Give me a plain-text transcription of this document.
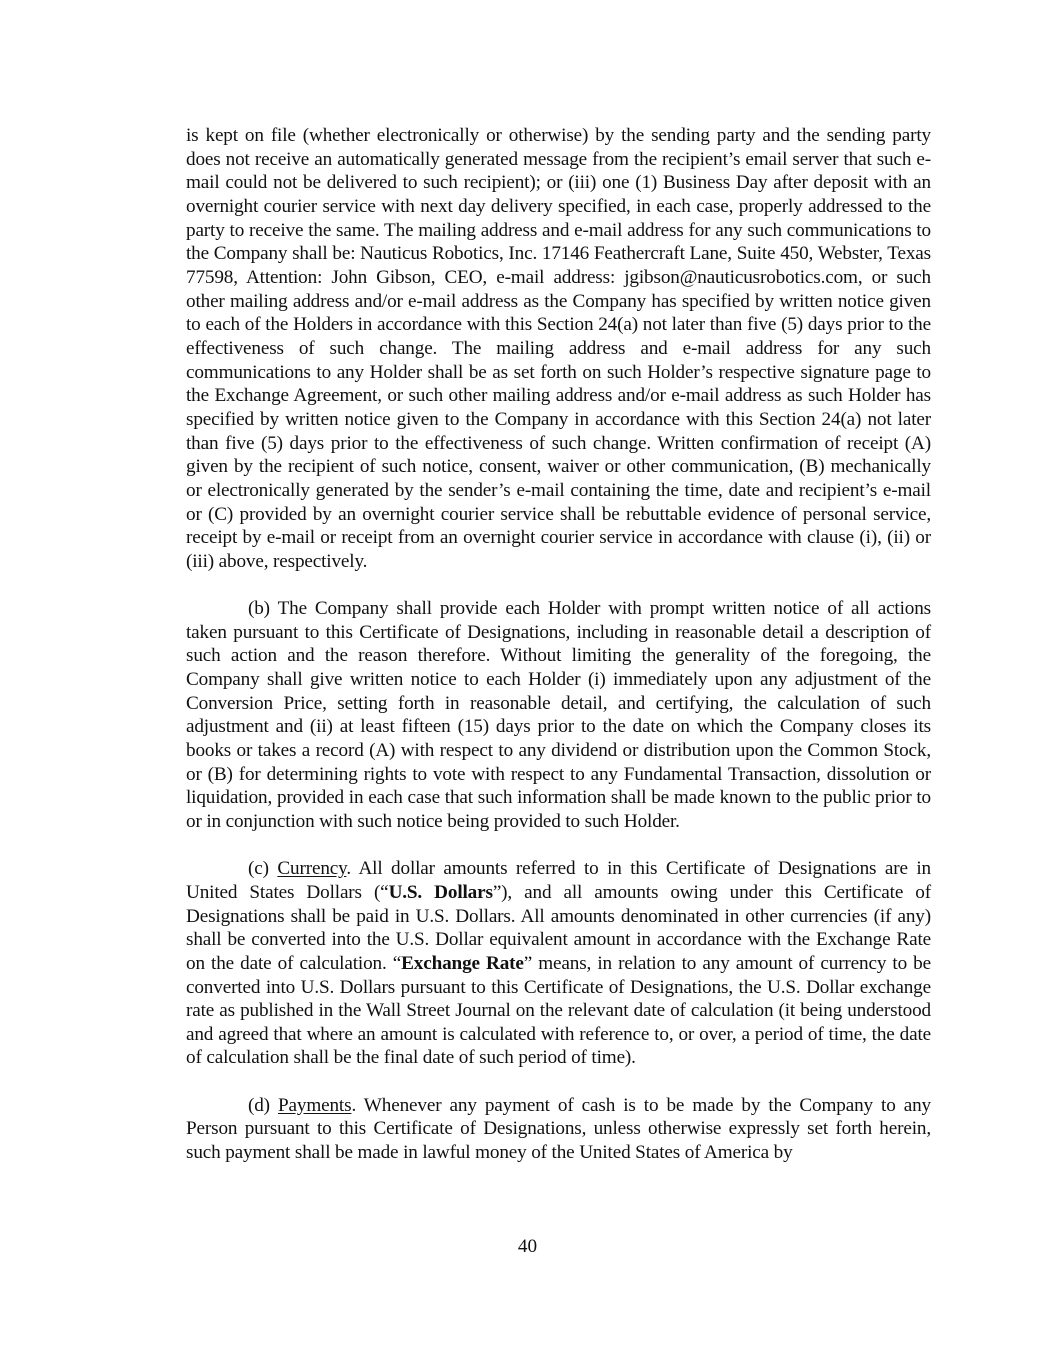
is kept on file (whether electronically or otherwise) by the sending party and the sending party does not receive an automatically generated message from the recipient’s email server that such e-mail could not be delivered to such recipient); or (iii) one (1) Business Day after deposit with an overnight courier service with next day delivery specified, in each case, properly addressed to the party to receive the same. The mailing address and e-mail address for any such communications to the Company shall be: Nauticus Robotics, Inc. 17146 Feathercraft Lane, Suite 450, Webster, Texas 77598, Attention: John Gibson, CEO, e-mail address: jgibson@nauticusrobotics.com, or such other mailing address and/or e-mail address as the Company has specified by written notice given to each of the Holders in accordance with this Section 24(a) not later than five (5) days prior to the effectiveness of such change. The mailing address and e-mail address for any such communications to any Holder shall be as set forth on such Holder’s respective signature page to the Exchange Agreement, or such other mailing address and/or e-mail address as such Holder has specified by written notice given to the Company in accordance with this Section 24(a) not later than five (5) days prior to the effectiveness of such change. Written confirmation of receipt (A) given by the recipient of such notice, consent, waiver or other communication, (B) mechanically or electronically generated by the sender’s e-mail containing the time, date and recipient’s e-mail or (C) provided by an overnight courier service shall be rebuttable evidence of personal service, receipt by e-mail or receipt from an overnight courier service in accordance with clause (i), (ii) or (iii) above, respectively.

(b) The Company shall provide each Holder with prompt written notice of all actions taken pursuant to this Certificate of Designations, including in reasonable detail a description of such action and the reason therefore. Without limiting the generality of the foregoing, the Company shall give written notice to each Holder (i) immediately upon any adjustment of the Conversion Price, setting forth in reasonable detail, and certifying, the calculation of such adjustment and (ii) at least fifteen (15) days prior to the date on which the Company closes its books or takes a record (A) with respect to any dividend or distribution upon the Common Stock, or (B) for determining rights to vote with respect to any Fundamental Transaction, dissolution or liquidation, provided in each case that such information shall be made known to the public prior to or in conjunction with such notice being provided to such Holder.

(c) Currency. All dollar amounts referred to in this Certificate of Designations are in United States Dollars (“U.S. Dollars”), and all amounts owing under this Certificate of Designations shall be paid in U.S. Dollars. All amounts denominated in other currencies (if any) shall be converted into the U.S. Dollar equivalent amount in accordance with the Exchange Rate on the date of calculation. “Exchange Rate” means, in relation to any amount of currency to be converted into U.S. Dollars pursuant to this Certificate of Designations, the U.S. Dollar exchange rate as published in the Wall Street Journal on the relevant date of calculation (it being understood and agreed that where an amount is calculated with reference to, or over, a period of time, the date of calculation shall be the final date of such period of time).

(d) Payments. Whenever any payment of cash is to be made by the Company to any Person pursuant to this Certificate of Designations, unless otherwise expressly set forth herein, such payment shall be made in lawful money of the United States of America by

40
